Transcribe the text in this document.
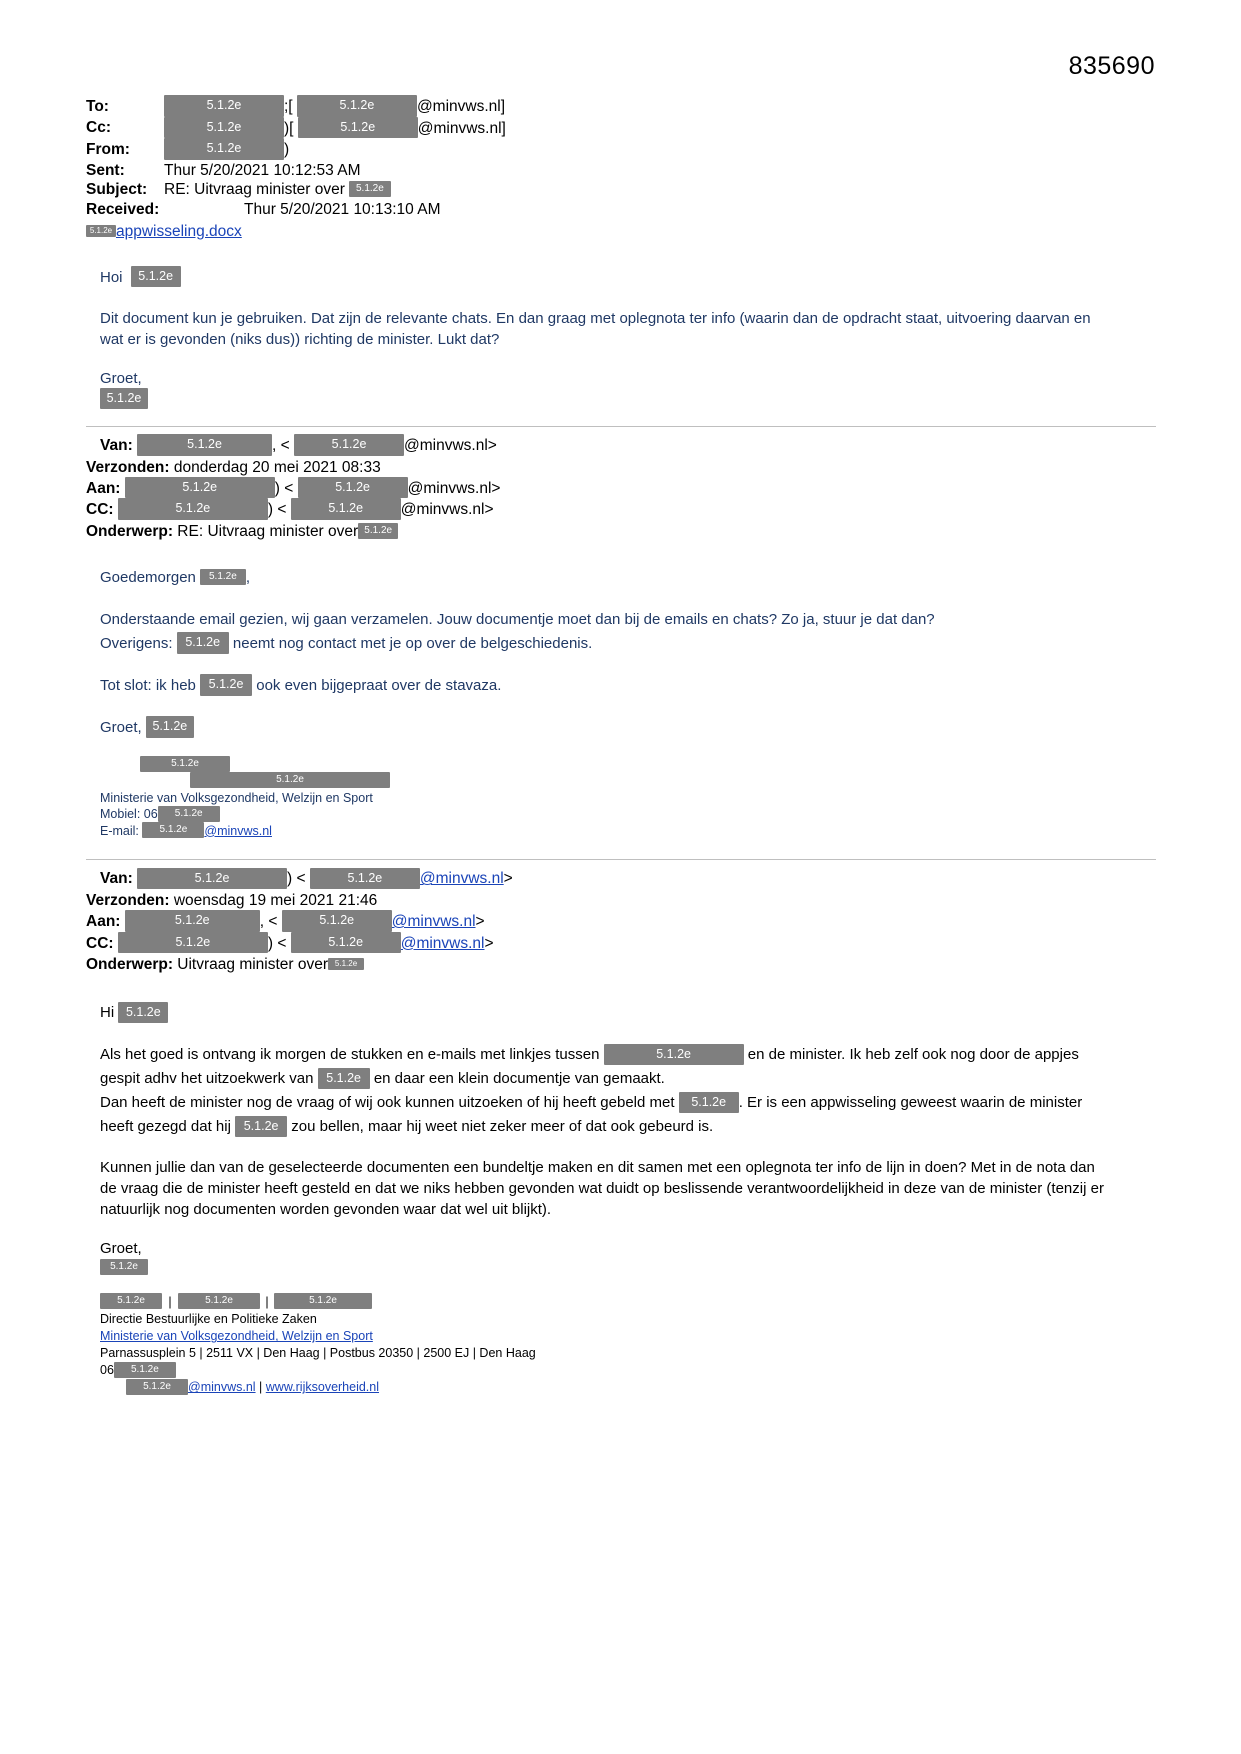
835690
To:	5.1.2e	;[	5.1.2e	@minvws.nl]
Cc:	5.1.2e	)[	5.1.2e	@minvws.nl]
From:	5.1.2e	)
Sent:	Thur 5/20/2021 10:12:53 AM
Subject:	RE: Uitvraag minister over 5.1.2e
Received:	Thur 5/20/2021 10:13:10 AM
5.1.2e appwisseling.docx
Hoi 5.1.2e
Dit document kun je gebruiken. Dat zijn de relevante chats. En dan graag met oplegnota ter info (waarin dan de opdracht staat, uitvoering daarvan en wat er is gevonden (niks dus)) richting de minister. Lukt dat?
Groet,
5.1.2e
Van:	5.1.2e	, <	5.1.2e @minvws.nl>
Verzonden: donderdag 20 mei 2021 08:33
Aan:	5.1.2e	) <	5.1.2e @minvws.nl>
CC:	5.1.2e	) <	5.1.2e @minvws.nl>
Onderwerp: RE: Uitvraag minister over 5.1.2e
Goedemorgen 5.1.2e ,
Onderstaande email gezien, wij gaan verzamelen. Jouw documentje moet dan bij de emails en chats? Zo ja, stuur je dat dan?
Overigens: 5.1.2e neemt nog contact met je op over de belgeschiedenis.
Tot slot: ik heb 5.1.2e ook even bijgepraat over de stavaza.
Groet, 5.1.2e
5.1.2e
5.1.2e
Ministerie van Volksgezondheid, Welzijn en Sport
Mobiel: 06 5.1.2e
E-mail: 5.1.2e @minvws.nl
Van:	5.1.2e	) <	5.1.2e @minvws.nl>
Verzonden: woensdag 19 mei 2021 21:46
Aan:	5.1.2e	, <	5.1.2e @minvws.nl>
CC:	5.1.2e	) <	5.1.2e @minvws.nl>
Onderwerp: Uitvraag minister over 5.1.2e
Hi 5.1.2e
Als het goed is ontvang ik morgen de stukken en e-mails met linkjes tussen	5.1.2e	en de minister. Ik heb zelf ook nog door de appjes gespit adhv het uitzoekwerk van 5.1.2e en daar een klein documentje van gemaakt.
Dan heeft de minister nog de vraag of wij ook kunnen uitzoeken of hij heeft gebeld met 5.1.2e . Er is een appwisseling geweest waarin de minister heeft gezegd dat hij 5.1.2e zou bellen, maar hij weet niet zeker meer of dat ook gebeurd is.
Kunnen jullie dan van de geselecteerde documenten een bundeltje maken en dit samen met een oplegnota ter info de lijn in doen? Met in de nota dan de vraag die de minister heeft gesteld en dat we niks hebben gevonden wat duidt op beslissende verantwoordelijkheid in deze van de minister (tenzij er natuurlijk nog documenten worden gevonden waar dat wel uit blijkt).
Groet,
5.1.2e
5.1.2e |	5.1.2e	|	5.1.2e
Directie Bestuurlijke en Politieke Zaken
Ministerie van Volksgezondheid, Welzijn en Sport
Parnassusplein 5 | 2511 VX | Den Haag | Postbus 20350 | 2500 EJ | Den Haag
06 5.1.2e
5.1.2e @minvws.nl | www.rijksoverheid.nl
